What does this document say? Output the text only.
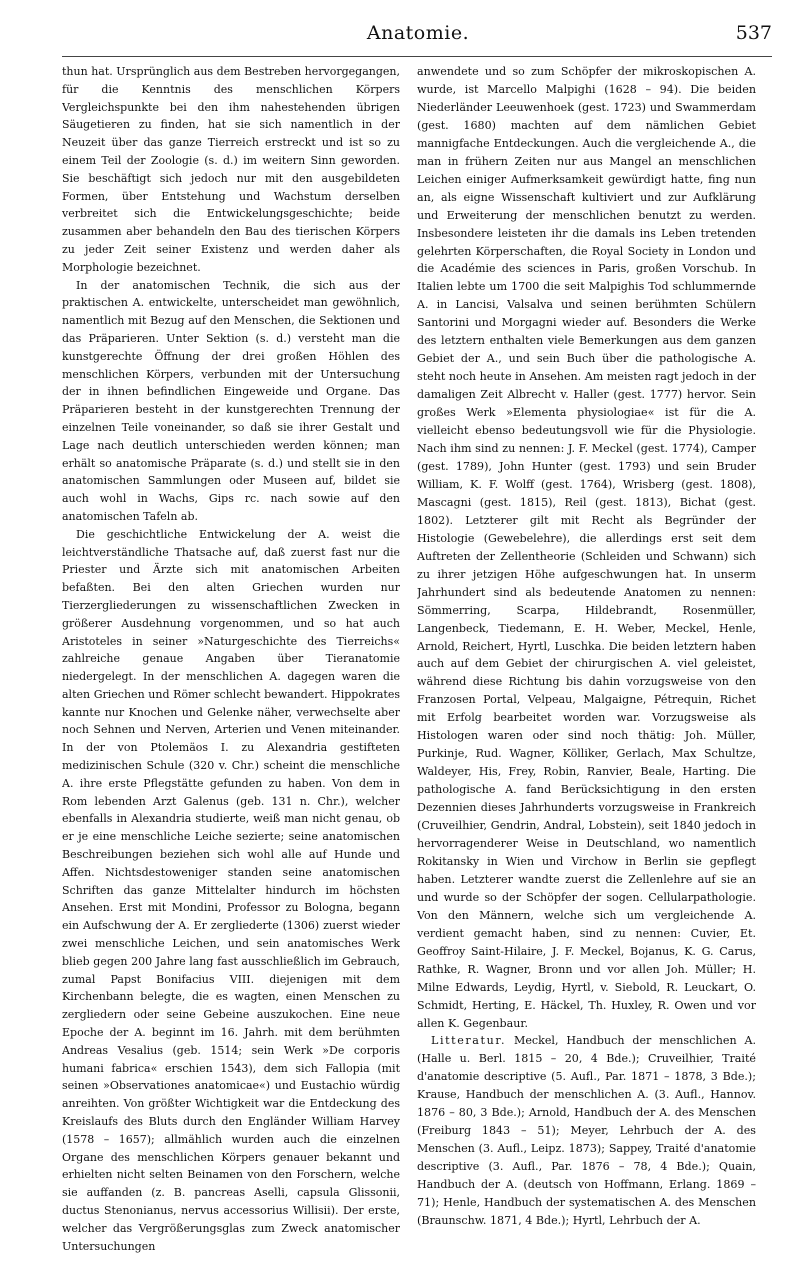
Anatomie.	537

thun hat. Ursprünglich aus dem Bestreben hervorgegangen, für die Kenntnis des menschlichen Körpers Vergleichspunkte bei den ihm nahestehenden übrigen Säugetieren zu finden, hat sie sich namentlich in der Neuzeit über das ganze Tierreich erstreckt und ist so zu einem Teil der Zoologie (s. d.) im weitern Sinn geworden. Sie beschäftigt sich jedoch nur mit den ausgebildeten Formen, über Entstehung und Wachstum derselben verbreitet sich die Entwickelungsgeschichte; beide zusammen aber behandeln den Bau des tierischen Körpers zu jeder Zeit seiner Existenz und werden daher als Morphologie bezeichnet.

In der anatomischen Technik, die sich aus der praktischen A. entwickelte, unterscheidet man gewöhnlich, namentlich mit Bezug auf den Menschen, die Sektionen und das Präparieren. Unter Sektion (s. d.) versteht man die kunstgerechte Öffnung der drei großen Höhlen des menschlichen Körpers, verbunden mit der Untersuchung der in ihnen befindlichen Eingeweide und Organe. Das Präparieren besteht in der kunstgerechten Trennung der einzelnen Teile voneinander, so daß sie ihrer Gestalt und Lage nach deutlich unterschieden werden können; man erhält so anatomische Präparate (s. d.) und stellt sie in den anatomischen Sammlungen oder Museen auf, bildet sie auch wohl in Wachs, Gips rc. nach sowie auf den anatomischen Tafeln ab.

Die geschichtliche Entwickelung der A. weist die leichtverständliche Thatsache auf, daß zuerst fast nur die Priester und Ärzte sich mit anatomischen Arbeiten befaßten. Bei den alten Griechen wurden nur Tierzergliederungen zu wissenschaftlichen Zwecken in größerer Ausdehnung vorgenommen, und so hat auch Aristoteles in seiner »Naturgeschichte des Tierreichs« zahlreiche genaue Angaben über Tieranatomie niedergelegt. In der menschlichen A. dagegen waren die alten Griechen und Römer schlecht bewandert. Hippokrates kannte nur Knochen und Gelenke näher, verwechselte aber noch Sehnen und Nerven, Arterien und Venen miteinander. In der von Ptolemäos I. zu Alexandria gestifteten medizinischen Schule (320 v. Chr.) scheint die menschliche A. ihre erste Pflegstätte gefunden zu haben. Von dem in Rom lebenden Arzt Galenus (geb. 131 n. Chr.), welcher ebenfalls in Alexandria studierte, weiß man nicht genau, ob er je eine menschliche Leiche sezierte; seine anatomischen Beschreibungen beziehen sich wohl alle auf Hunde und Affen. Nichtsdestoweniger standen seine anatomischen Schriften das ganze Mittelalter hindurch im höchsten Ansehen. Erst mit Mondini, Professor zu Bologna, begann ein Aufschwung der A. Er zergliederte (1306) zuerst wieder zwei menschliche Leichen, und sein anatomisches Werk blieb gegen 200 Jahre lang fast ausschließlich im Gebrauch, zumal Papst Bonifacius VIII. diejenigen mit dem Kirchenbann belegte, die es wagten, einen Menschen zu zergliedern oder seine Gebeine auszukochen. Eine neue Epoche der A. beginnt im 16. Jahrh. mit dem berühmten Andreas Vesalius (geb. 1514; sein Werk »De corporis humani fabrica« erschien 1543), dem sich Fallopia (mit seinen »Observationes anatomicae«) und Eustachio würdig anreihten. Von größter Wichtigkeit war die Entdeckung des Kreislaufs des Bluts durch den Engländer William Harvey (1578 – 1657); allmählich wurden auch die einzelnen Organe des menschlichen Körpers genauer bekannt und erhielten nicht selten Beinamen von den Forschern, welche sie auffanden (z. B. pancreas Aselli, capsula Glissonii, ductus Stenonianus, nervus accessorius Willisii). Der erste, welcher das Vergrößerungsglas zum Zweck anatomischer Untersuchungen

anwendete und so zum Schöpfer der mikroskopischen A. wurde, ist Marcello Malpighi (1628 – 94). Die beiden Niederländer Leeuwenhoek (gest. 1723) und Swammerdam (gest. 1680) machten auf dem nämlichen Gebiet mannigfache Entdeckungen. Auch die vergleichende A., die man in frühern Zeiten nur aus Mangel an menschlichen Leichen einiger Aufmerksamkeit gewürdigt hatte, fing nun an, als eigne Wissenschaft kultiviert und zur Aufklärung und Erweiterung der menschlichen benutzt zu werden. Insbesondere leisteten ihr die damals ins Leben tretenden gelehrten Körperschaften, die Royal Society in London und die Académie des sciences in Paris, großen Vorschub. In Italien lebte um 1700 die seit Malpighis Tod schlummernde A. in Lancisi, Valsalva und seinen berühmten Schülern Santorini und Morgagni wieder auf. Besonders die Werke des letztern enthalten viele Bemerkungen aus dem ganzen Gebiet der A., und sein Buch über die pathologische A. steht noch heute in Ansehen. Am meisten ragt jedoch in der damaligen Zeit Albrecht v. Haller (gest. 1777) hervor. Sein großes Werk »Elementa physiologiae« ist für die A. vielleicht ebenso bedeutungsvoll wie für die Physiologie. Nach ihm sind zu nennen: J. F. Meckel (gest. 1774), Camper (gest. 1789), John Hunter (gest. 1793) und sein Bruder William, K. F. Wolff (gest. 1764), Wrisberg (gest. 1808), Mascagni (gest. 1815), Reil (gest. 1813), Bichat (gest. 1802). Letzterer gilt mit Recht als Begründer der Histologie (Gewebelehre), die allerdings erst seit dem Auftreten der Zellentheorie (Schleiden und Schwann) sich zu ihrer jetzigen Höhe aufgeschwungen hat. In unserm Jahrhundert sind als bedeutende Anatomen zu nennen: Sömmerring, Scarpa, Hildebrandt, Rosenmüller, Langenbeck, Tiedemann, E. H. Weber, Meckel, Henle, Arnold, Reichert, Hyrtl, Luschka. Die beiden letztern haben auch auf dem Gebiet der chirurgischen A. viel geleistet, während diese Richtung bis dahin vorzugsweise von den Franzosen Portal, Velpeau, Malgaigne, Pétrequin, Richet mit Erfolg bearbeitet worden war. Vorzugsweise als Histologen waren oder sind noch thätig: Joh. Müller, Purkinje, Rud. Wagner, Kölliker, Gerlach, Max Schultze, Waldeyer, His, Frey, Robin, Ranvier, Beale, Harting. Die pathologische A. fand Berücksichtigung in den ersten Dezennien dieses Jahrhunderts vorzugsweise in Frankreich (Cruveilhier, Gendrin, Andral, Lobstein), seit 1840 jedoch in hervorragenderer Weise in Deutschland, wo namentlich Rokitansky in Wien und Virchow in Berlin sie gepflegt haben. Letzterer wandte zuerst die Zellenlehre auf sie an und wurde so der Schöpfer der sogen. Cellularpathologie. Von den Männern, welche sich um vergleichende A. verdient gemacht haben, sind zu nennen: Cuvier, Et. Geoffroy Saint-Hilaire, J. F. Meckel, Bojanus, K. G. Carus, Rathke, R. Wagner, Bronn und vor allen Joh. Müller; H. Milne Edwards, Leydig, Hyrtl, v. Siebold, R. Leuckart, O. Schmidt, Herting, E. Häckel, Th. Huxley, R. Owen und vor allen K. Gegenbaur.

Litteratur. Meckel, Handbuch der menschlichen A. (Halle u. Berl. 1815 – 20, 4 Bde.); Cruveilhier, Traité d'anatomie descriptive (5. Aufl., Par. 1871 – 1878, 3 Bde.); Krause, Handbuch der menschlichen A. (3. Aufl., Hannov. 1876 – 80, 3 Bde.); Arnold, Handbuch der A. des Menschen (Freiburg 1843 – 51); Meyer, Lehrbuch der A. des Menschen (3. Aufl., Leipz. 1873); Sappey, Traité d'anatomie descriptive (3. Aufl., Par. 1876 – 78, 4 Bde.); Quain, Handbuch der A. (deutsch von Hoffmann, Erlang. 1869 – 71); Henle, Handbuch der systematischen A. des Menschen (Braunschw. 1871, 4 Bde.); Hyrtl, Lehrbuch der A.
